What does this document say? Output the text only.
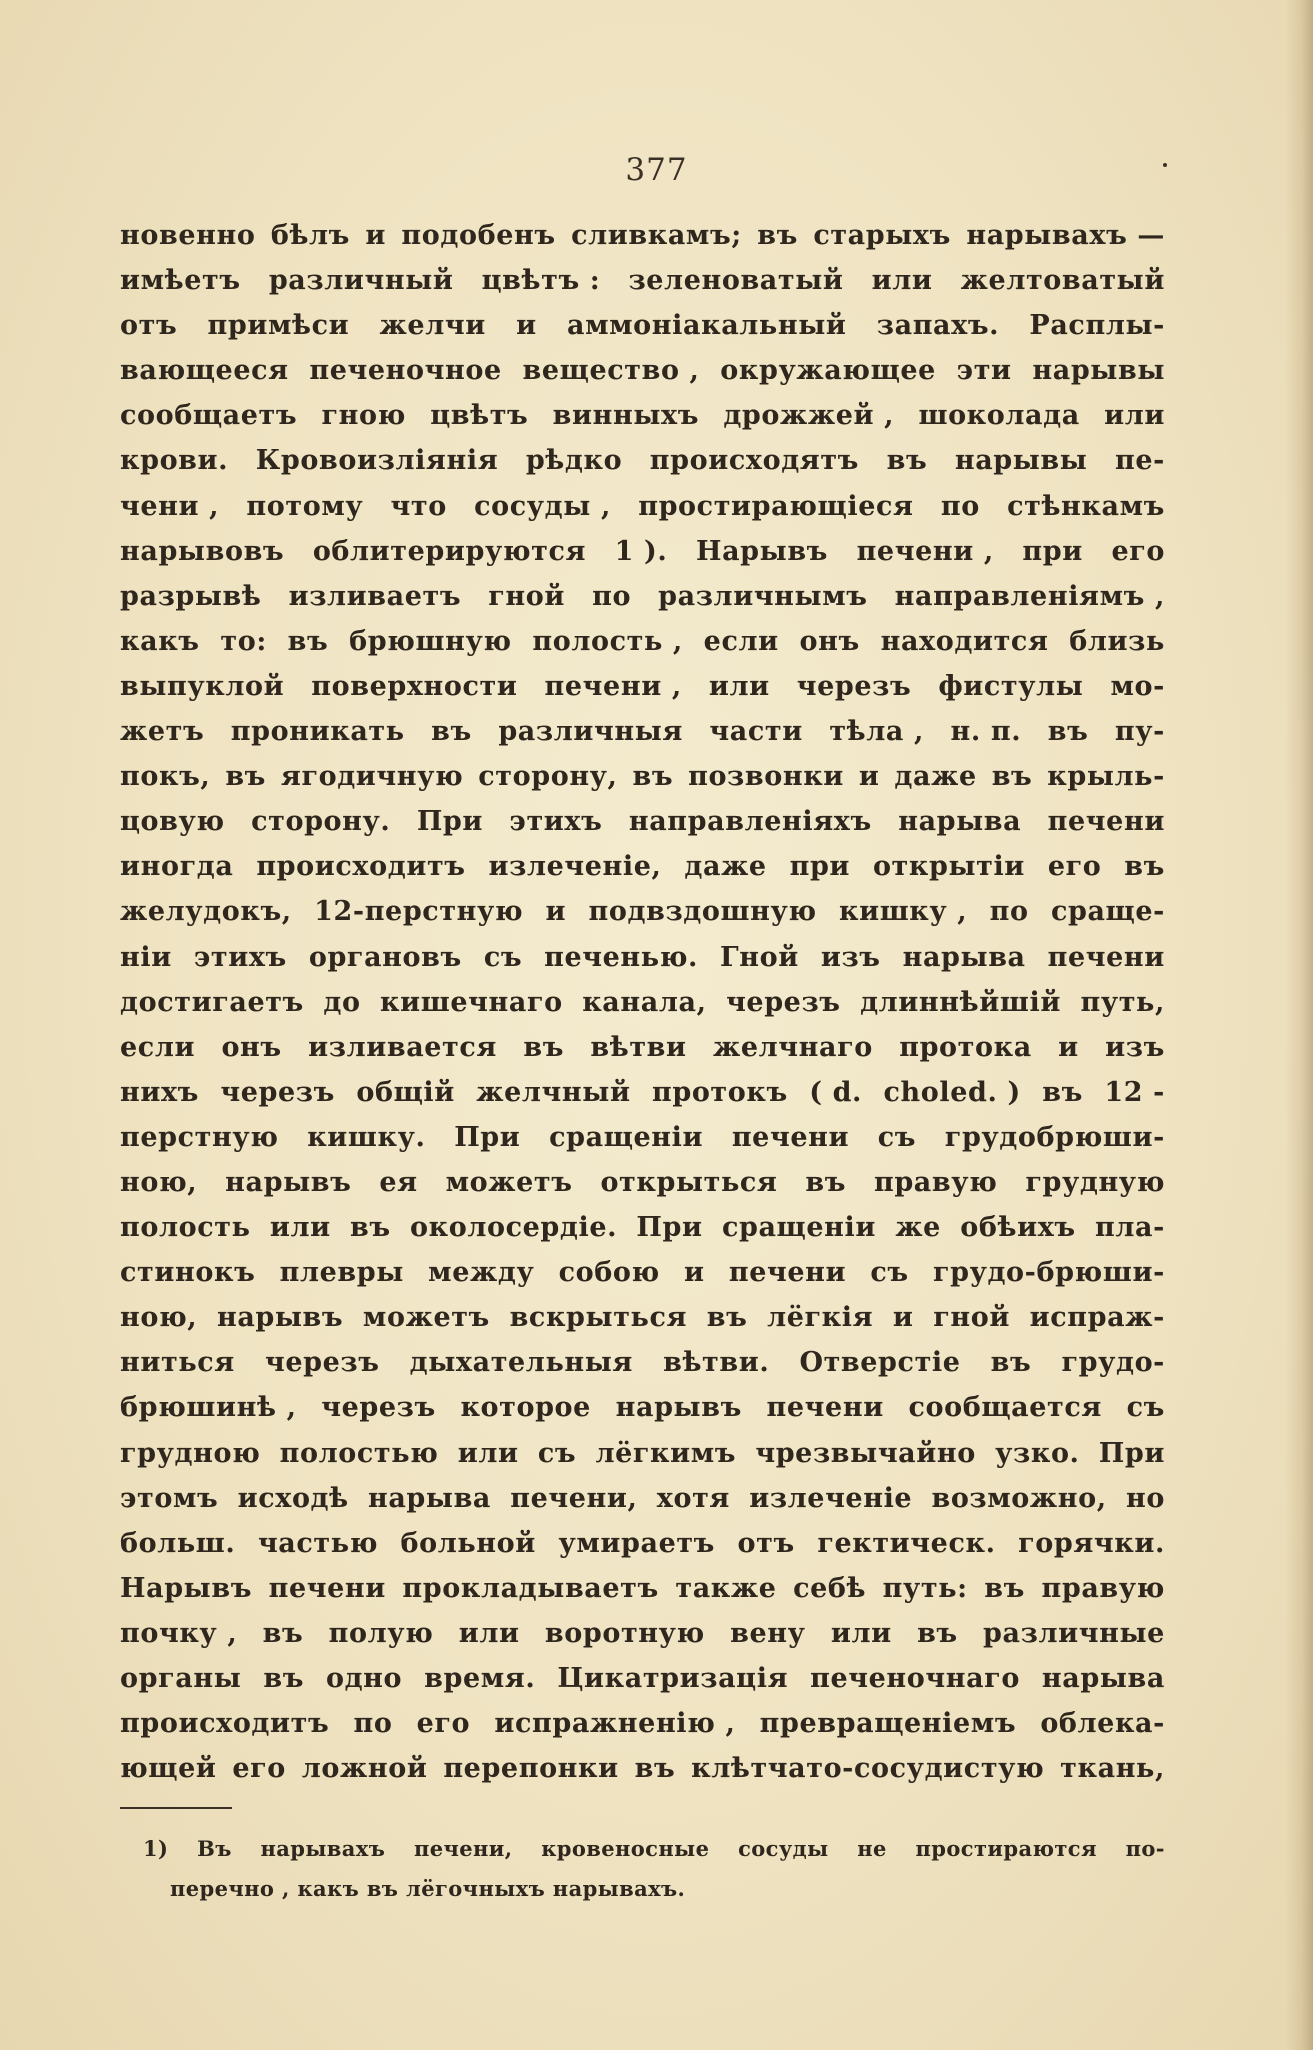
377
новенно бѣлъ и подобенъ сливкамъ; въ старыхъ нарывахъ —
имѣетъ различный цвѣтъ : зеленоватый или желтоватый
отъ примѣси желчи и аммоніакальный запахъ. Расплы-
вающееся печеночное вещество , окружающее эти нарывы
сообщаетъ гною цвѣтъ винныхъ дрожжей , шоколада или
крови. Кровоизліянія рѣдко происходятъ въ нарывы пе-
чени , потому что сосуды , простирающіеся по стѣнкамъ
нарывовъ облитерируются 1 ). Нарывъ печени , при его
разрывѣ изливаетъ гной по различнымъ направленіямъ ,
какъ то: въ брюшную полость , если онъ находится близь
выпуклой поверхности печени , или черезъ фистулы мо-
жетъ проникать въ различныя части тѣла , н. п. въ пу-
покъ, въ ягодичную сторону, въ позвонки и даже въ крыль-
цовую сторону. При этихъ направленіяхъ нарыва печени
иногда происходитъ излеченіе, даже при открытіи его въ
желудокъ, 12-перстную и подвздошную кишку , по сраще-
ніи этихъ органовъ съ печенью. Гной изъ нарыва печени
достигаетъ до кишечнаго канала, черезъ длиннѣйшій путь,
если онъ изливается въ вѣтви желчнаго протока и изъ
нихъ черезъ общій желчный протокъ ( d. choled. ) въ 12 -
перстную кишку. При сращеніи печени съ грудобрюши-
ною, нарывъ ея можетъ открыться въ правую грудную
полость или въ околосердіе. При сращеніи же обѣихъ пла-
стинокъ плевры между собою и печени съ грудо-брюши-
ною, нарывъ можетъ вскрыться въ лёгкія и гной испраж-
ниться черезъ дыхательныя вѣтви. Отверстіе въ грудо-
брюшинѣ , черезъ которое нарывъ печени сообщается съ
грудною полостью или съ лёгкимъ чрезвычайно узко. При
этомъ исходѣ нарыва печени, хотя излеченіе возможно, но
больш. частью больной умираетъ отъ гектическ. горячки.
Нарывъ печени прокладываетъ также себѣ путь: въ правую
почку , въ полую или воротную вену или въ различные
органы въ одно время. Цикатризація печеночнаго нарыва
происходитъ по его испражненію , превращеніемъ облека-
ющей его ложной перепонки въ клѣтчато-сосудистую ткань,
1) Въ нарывахъ печени, кровеносные сосуды не простираются по-
перечно , какъ въ лёгочныхъ нарывахъ.
